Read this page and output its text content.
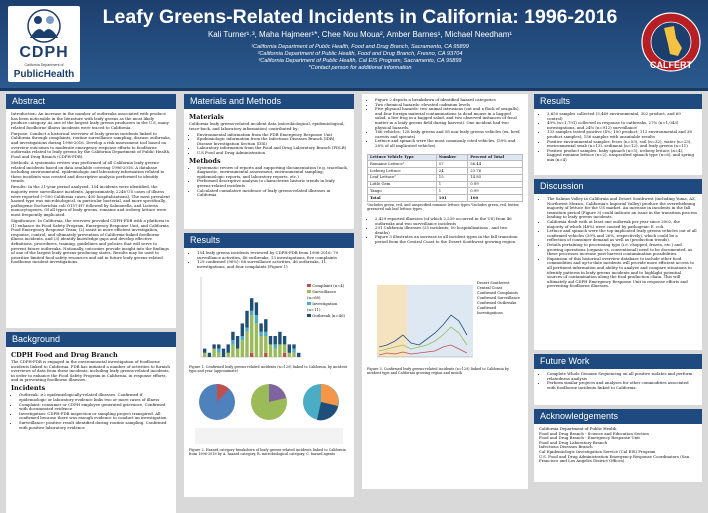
CDPH
California Department of
PublicHealth
Leafy Greens-Related Incidents in California: 1996-2016
Kali Turner¹˒³, Maha Hajmeer¹*, Chee Nou Moua², Amber Barnes¹, Michael Needham¹
¹California Department of Public Health, Food and Drug Branch, Sacramento, CA 95899
²California Department of Public Health, Food and Drug Branch, Fresno, CA 93704
³California Department of Public Health, Cal EIS Program, Sacramento, CA 95899
*Contact person for additional information	CALFERT
Abstract

Introduction: An increase in the number of outbreaks associated with produce has been noticeable in the literature with leafy greens as the most likely produce category. As one of the largest leafy greens producers in the U.S, many related foodborne illness incidents were traced to California.

Purpose: Conduct a historical overview of leafy greens incidents linked to California through complaints, routine surveillance sampling, disease outbreaks, and investigations during 1996-2016. Develop a risk assessment tool based on overview outcomes to moderate emergency response efforts to foodborne outbreaks related to leafy greens by the California Department of Public Health, Food and Drug Branch (CDPH-FDB).

Methods: A systematic review was performed of all California leafy greens-related incidents based on data available covering 1996-2016. A database including environmental, epidemiologic and laboratory information related to these incidents was created and descriptive analysis performed to identify trends.

Results: In the 21-year period analyzed, 154 incidents were identified, the majority were surveillance incidents. Approximately, 2246 US cases of illness were reported (~500 California cases; 400 hospitalizations). The most prevalent hazard type was microbiological, in particular bacterial, and more specifically, pathogenic Escherichia coli O157:H7 followed by Salmonella, and Listeria monocytogenes. Of all types of leafy greens, romaine and iceberg lettuce were most frequently implicated.

Significance: In California, the overview provided CDPH-FDB with a platform to (1) enhance its Food Safety Program, Emergency Response Unit, and California Food Emergency Response Team; (2) assist in more efficient investigation, response, control, and ultimately prevention of California-linked foodborne illness incidents, and (3) identify knowledge gaps and develop effective definitions, procedures, training, guidelines and policies that will serve to prevent future outbreaks. Nationally, outcomes provide insight into the findings of one of the largest leafy greens-producing states. Results may be used to prioritize limited food safety resources and aid in future leafy greens-related foodborne incident investigations.

Background
CDPH Food and Drug Branch

The CDPH-FDB is engaged in the environmental investigation of foodborne incidents linked to California. FDB has initiated a number of activities to furnish overviews of data from these incidents, including leafy greens-related incidents, in order to enhance the Food Safety Program in California, in response efforts, and in preventing foodborne illnesses.

Incidents
• Outbreak: ≥2 epidemiologically-related illnesses. Confirmed if epidemiologic or laboratory evidence links two or more cases of illness
• Complaint: consumer or CDPH employee generated grievance. Confirmed with documented evidence
• Investigation: CDPH-FDB inspection or sampling project transpired. All confirmed because there was enough evidence to conduct an investigation
• Surveillance: positive result identified during routine sampling. Confirmed with positive laboratory evidence
Materials and Methods
Materials

California leafy greens-related incident data (microbiological, epidemiological, trace-back, and laboratory information) contributed by:

• Environmental information from the FDB Emergency Response Unit
• Epidemiologic information from the Infectious Diseases Branch (IDB) Disease Investigation Section (DIS)
• Laboratory information from the Food and Drug Laboratory Branch (FDLB)
• U.S Food and Drug Administration
Methods
• Systematic review of reports and supporting documentation (e.g. traceback, diagnostic, environmental assessment, environmental sampling, epidemiologic reports, and laboratory reports, etc.)
• Performed descriptive analysis to characterize historic trends in leafy greens-related incidents
• Calculated cumulative incidence of leafy greens-related illnesses in California
Results
• 154 leafy greens incidents reviewed by CDPH-FDB from 1996-2016: 70 surveillance activities, 46 outbreaks, 13 investigations, five complaints
• 129 confirmed (96%): 68 surveillance activities, 46 outbreaks, 11 investigations, and four complaints (Figure 1)
Complaint (n=4)
Surveillance (n=68)
Investigation (n=11)
Outbreak (n=46)
Figure 1. Confirmed leafy greens-related incidents (n=129) linked to California, by incident type and year (approximate)
Figure 2. Hazard category breakdown of leafy greens-related incidents linked to California from 1996-2016 by A. hazard category, B. microbiological category, C. hazard agents
• Figure 2 depicts a breakdown of identified hazard categories
• Two chemical hazards: elevated cadmium levels
• Five physical hazards: two animal intrusions (cat and a flock of seagulls), and four foreign material contaminations (a dead mouse in a bagged salad, a live frog in a bagged salad, and two observed instances of fecal matter in a leafy greens field during harvest). One incident had two physical hazards.
• 186 vehicles: 128 leafy greens and 58 non-leafy greens vehicles (ex. beef, carrots and sprouts)
• Lettuce and spinach were the most commonly cited vehicles, (39% and 26% of all implicated vehicles).
Lettuce Vehicle Type	Number	Percent of Total
Romaine Lettuce¹	57	56.44
Iceberg Lettuce	24	23.76
Leaf Lettuce²	15	14.85
Little Gem	1	0.99
Tango	1	0.99
Total	101	100
¹Includes green, red, and unspecified romaine lettuce types ²Includes green, red, butter, green/red oak leaf lettuce types
• 2,429 reported illnesses (of which 2,239 occurred in the US) from 46 outbreaks and two surveillance incidents
• 291 California illnesses (25 incidents, 50 hospitalizations , and two deaths)
• Figure 3 illustrates an increase in all incident types in the fall transition period from the Central Coast to the Desert Southwest growing region.
Desert Southwest
Central Coast
Confirmed Complaints
Confirmed Surveillance
Confirmed Outbreaks
Confirmed Investigations
Figure 3. Confirmed leafy greens-related incidents (n=129) linked to California by incident type and California growing region and month
Results
• 3,650 samples collected (3,469 environmental, 302 product, and 69 control)
• 49% (n=1,791) collected in response to outbreaks, 27% (n=1,043) investigations, and 24% (n=912) surveillance
• 133 samples tested positive (4%; 100 product; 112 environmental and 38 product samples); 156 samples with unsuitable results
• Positive environmental samples: feces (n=53), soil (n=32), water (n=25), environmental swab (n=13), sediment (n=12), and leafy greens (n=11)
• Positive product samples: baby spinach (n=5), iceberg lettuce (n=4), bagged romaine lettuce (n=2), unspecified spinach type (n=6), and spring mix (n=4)
Discussion
• The Salinas Valley in California and Desert Southwest (including Yuma, AZ, Northwest Mexico, California's Imperial Valley) produce the overwhelming majority of lettuce for the US market. An increase in incidents in the fall transition period (Figure 3) could indicate an issue in the transition process leading to leafy greens incidents.
• California dealt with at least one outbreak per year since 2002, the majority of which (48%) were caused by pathogenic E. coli.
• Lettuce and spinach were the top implicated leafy greens vehicles out of all confirmed vehicles (39% and 26%, respectively), which could be a reflection of consumer demand as well as (production trends).
• Details pertaining to processing type (i.e. chopped, frozen, etc.) and growing operations (organic vs. conventional) need to be documented, as these processes increase post-harvest contamination possibilities.
• Expansion of this historical overview database to include other food commodities and up-to-date incidents will provide more efficient access to all pertinent information and ability to analyze and compare situations to identify patterns in leafy greens incidents and to highlight potential sources of contamination along the food production chain. This will ultimately aid CDPH Emergency Response Unit in response efforts and preventing foodborne illnesses.
Future Work
• Complete Whole Genome Sequencing on all positive isolates and perform relatedness analysis
• Perform similar projects and analyses for other commodities associated with foodborne incidents linked to California.
Acknowledgements
California Department of Public Health
Food and Drug Branch - Science and Education Section
Food and Drug Branch - Emergency Response Unit
Food and Drug Laboratory Branch
Infectious Diseases Branch
Cal Epidemiologic Investigation Service (Cal EIS) Program
U.S. Food and Drug Administration Emergency Response Coordinators (San Francisco and Los Angeles District Offices)
